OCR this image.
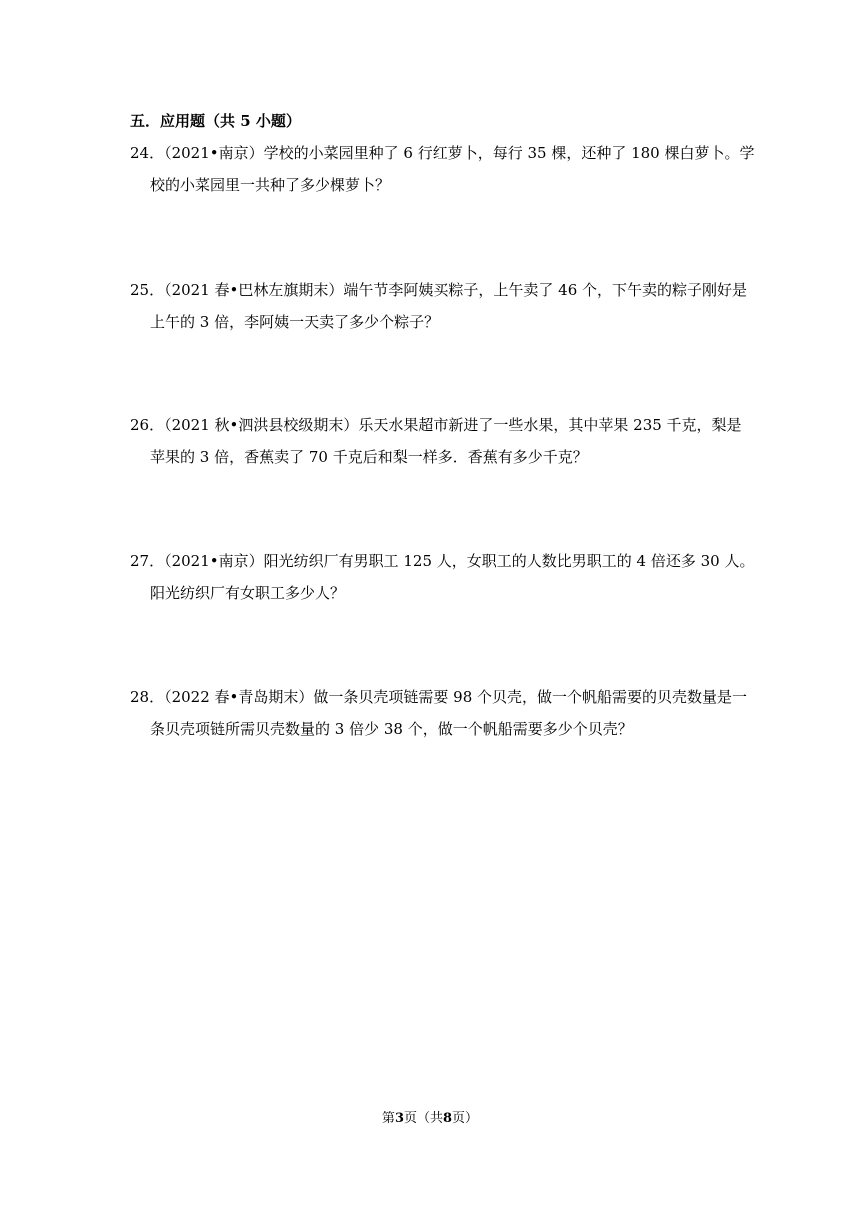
五．应用题（共 5 小题）
24．（2021•南京）学校的小菜园里种了 6 行红萝卜，每行 35 棵，还种了 180 棵白萝卜。学
校的小菜园里一共种了多少棵萝卜？
25．（2021 春•巴林左旗期末）端午节李阿姨买粽子，上午卖了 46 个，下午卖的粽子刚好是
上午的 3 倍，李阿姨一天卖了多少个粽子？
26．（2021 秋•泗洪县校级期末）乐天水果超市新进了一些水果，其中苹果 235 千克，梨是
苹果的 3 倍，香蕉卖了 70 千克后和梨一样多．香蕉有多少千克？
27．（2021•南京）阳光纺织厂有男职工 125 人，女职工的人数比男职工的 4 倍还多 30 人。
阳光纺织厂有女职工多少人？
28．（2022 春•青岛期末）做一条贝壳项链需要 98 个贝壳，做一个帆船需要的贝壳数量是一
条贝壳项链所需贝壳数量的 3 倍少 38 个，做一个帆船需要多少个贝壳？
第3页（共8页）
